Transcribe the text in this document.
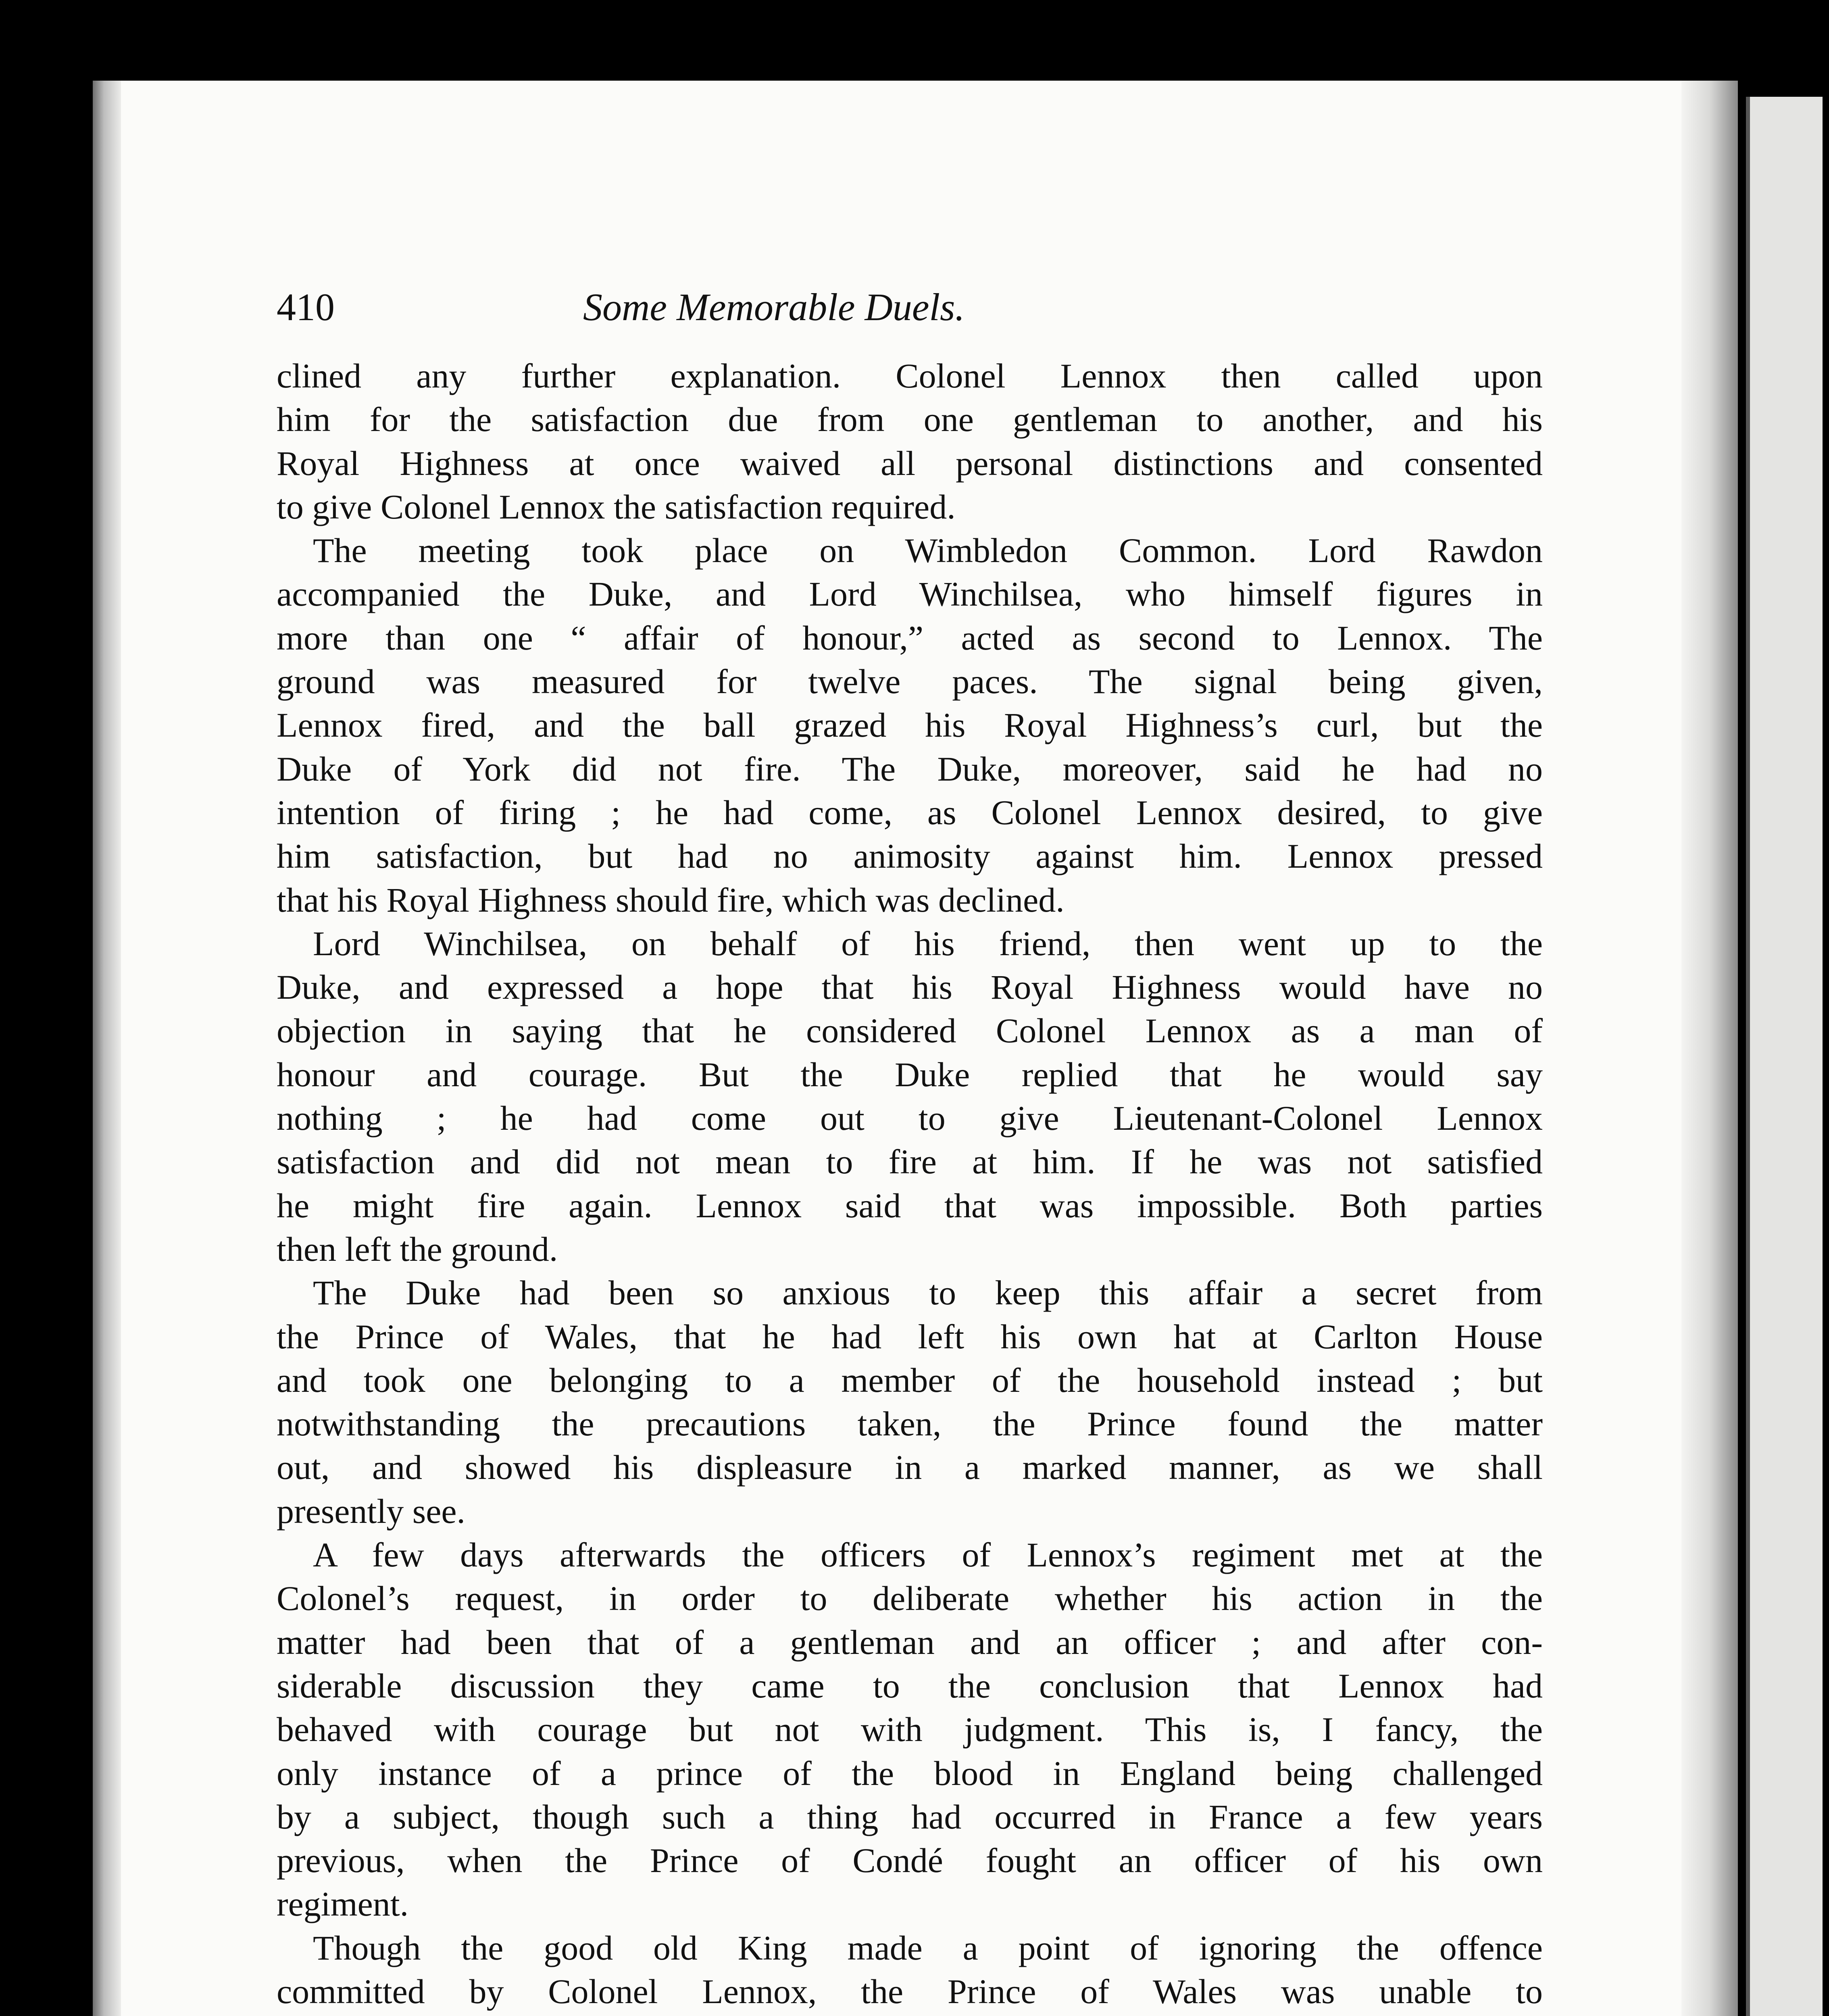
410	Some Memorable Duels.
clined any further explanation. Colonel Lennox then called upon
him for the satisfaction due from one gentleman to another, and his
Royal Highness at once waived all personal distinctions and consented
to give Colonel Lennox the satisfaction required.
The meeting took place on Wimbledon Common. Lord Rawdon
accompanied the Duke, and Lord Winchilsea, who himself figures in
more than one “ affair of honour,” acted as second to Lennox. The
ground was measured for twelve paces. The signal being given,
Lennox fired, and the ball grazed his Royal Highness’s curl, but the
Duke of York did not fire. The Duke, moreover, said he had no
intention of firing ; he had come, as Colonel Lennox desired, to give
him satisfaction, but had no animosity against him. Lennox pressed
that his Royal Highness should fire, which was declined.
Lord Winchilsea, on behalf of his friend, then went up to the
Duke, and expressed a hope that his Royal Highness would have no
objection in saying that he considered Colonel Lennox as a man of
honour and courage. But the Duke replied that he would say
nothing ; he had come out to give Lieutenant-Colonel Lennox
satisfaction and did not mean to fire at him. If he was not satisfied
he might fire again. Lennox said that was impossible. Both parties
then left the ground.
The Duke had been so anxious to keep this affair a secret from
the Prince of Wales, that he had left his own hat at Carlton House
and took one belonging to a member of the household instead ; but
notwithstanding the precautions taken, the Prince found the matter
out, and showed his displeasure in a marked manner, as we shall
presently see.
A few days afterwards the officers of Lennox’s regiment met at the
Colonel’s request, in order to deliberate whether his action in the
matter had been that of a gentleman and an officer ; and after con-
siderable discussion they came to the conclusion that Lennox had
behaved with courage but not with judgment. This is, I fancy, the
only instance of a prince of the blood in England being challenged
by a subject, though such a thing had occurred in France a few years
previous, when the Prince of Condé fought an officer of his own
regiment.
Though the good old King made a point of ignoring the offence
committed by Colonel Lennox, the Prince of Wales was unable to
